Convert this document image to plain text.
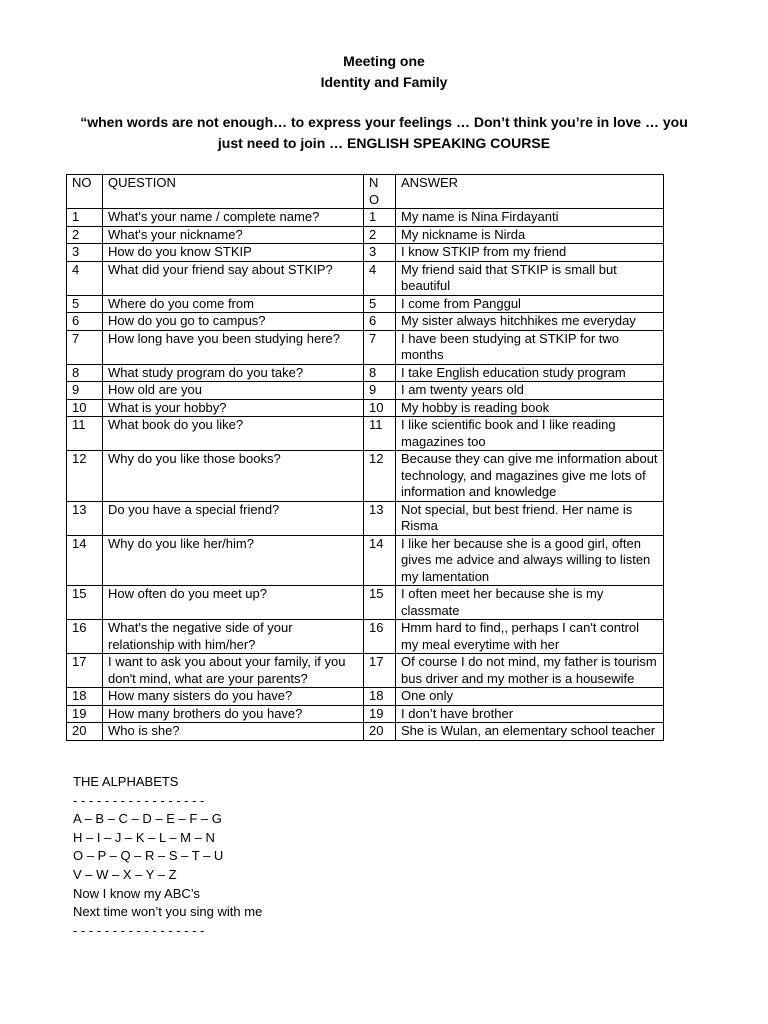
Meeting one
Identity and Family
“when words are not enough… to express your feelings … Don’t think you’re in love … you just need to join … ENGLISH SPEAKING COURSE
NO	QUESTION	N O	ANSWER
1	What's your name / complete name?	1	My name is Nina Firdayanti
2	What's your nickname?	2	My nickname is Nirda
3	How do you know STKIP	3	I know STKIP from my friend
4	What did your friend say about STKIP?	4	My friend said that STKIP is small but beautiful
5	Where do you come from	5	I come from Panggul
6	How do you go to campus?	6	My sister always hitchhikes me everyday
7	How long have you been studying here?	7	I have been studying at STKIP for two months
8	What study program do you take?	8	I take English education study program
9	How old are you	9	I am twenty years old
10	What is your hobby?	10	My hobby is reading book
11	What book do you like?	11	I like scientific book and I like reading magazines too
12	Why do you like those books?	12	Because they can give me information about technology, and magazines give me lots of information and knowledge
13	Do you have a special friend?	13	Not special, but best friend. Her name is Risma
14	Why do you like her/him?	14	I like her because she is a good girl, often gives me advice and always willing to listen my lamentation
15	How often do you meet up?	15	I often meet her because she is my classmate
16	What's the negative side of your relationship with him/her?	16	Hmm hard to find,, perhaps I can't control my meal everytime with her
17	I want to ask you about your family, if you don't mind, what are your parents?	17	Of course I do not mind, my father is tourism bus driver and my mother is a housewife
18	How many sisters do you have?	18	One only
19	How many brothers do you have?	19	I don’t have brother
20	Who is she?	20	She is Wulan, an elementary school teacher
THE ALPHABETS
- - - - - - - - - - - - - - - - -
A – B – C – D – E – F – G
H – I – J – K – L – M – N
O – P – Q – R – S – T – U
V – W – X – Y – Z
Now I know my ABC’s
Next time won’t you sing with me
- - - - - - - - - - - - - - - - -
